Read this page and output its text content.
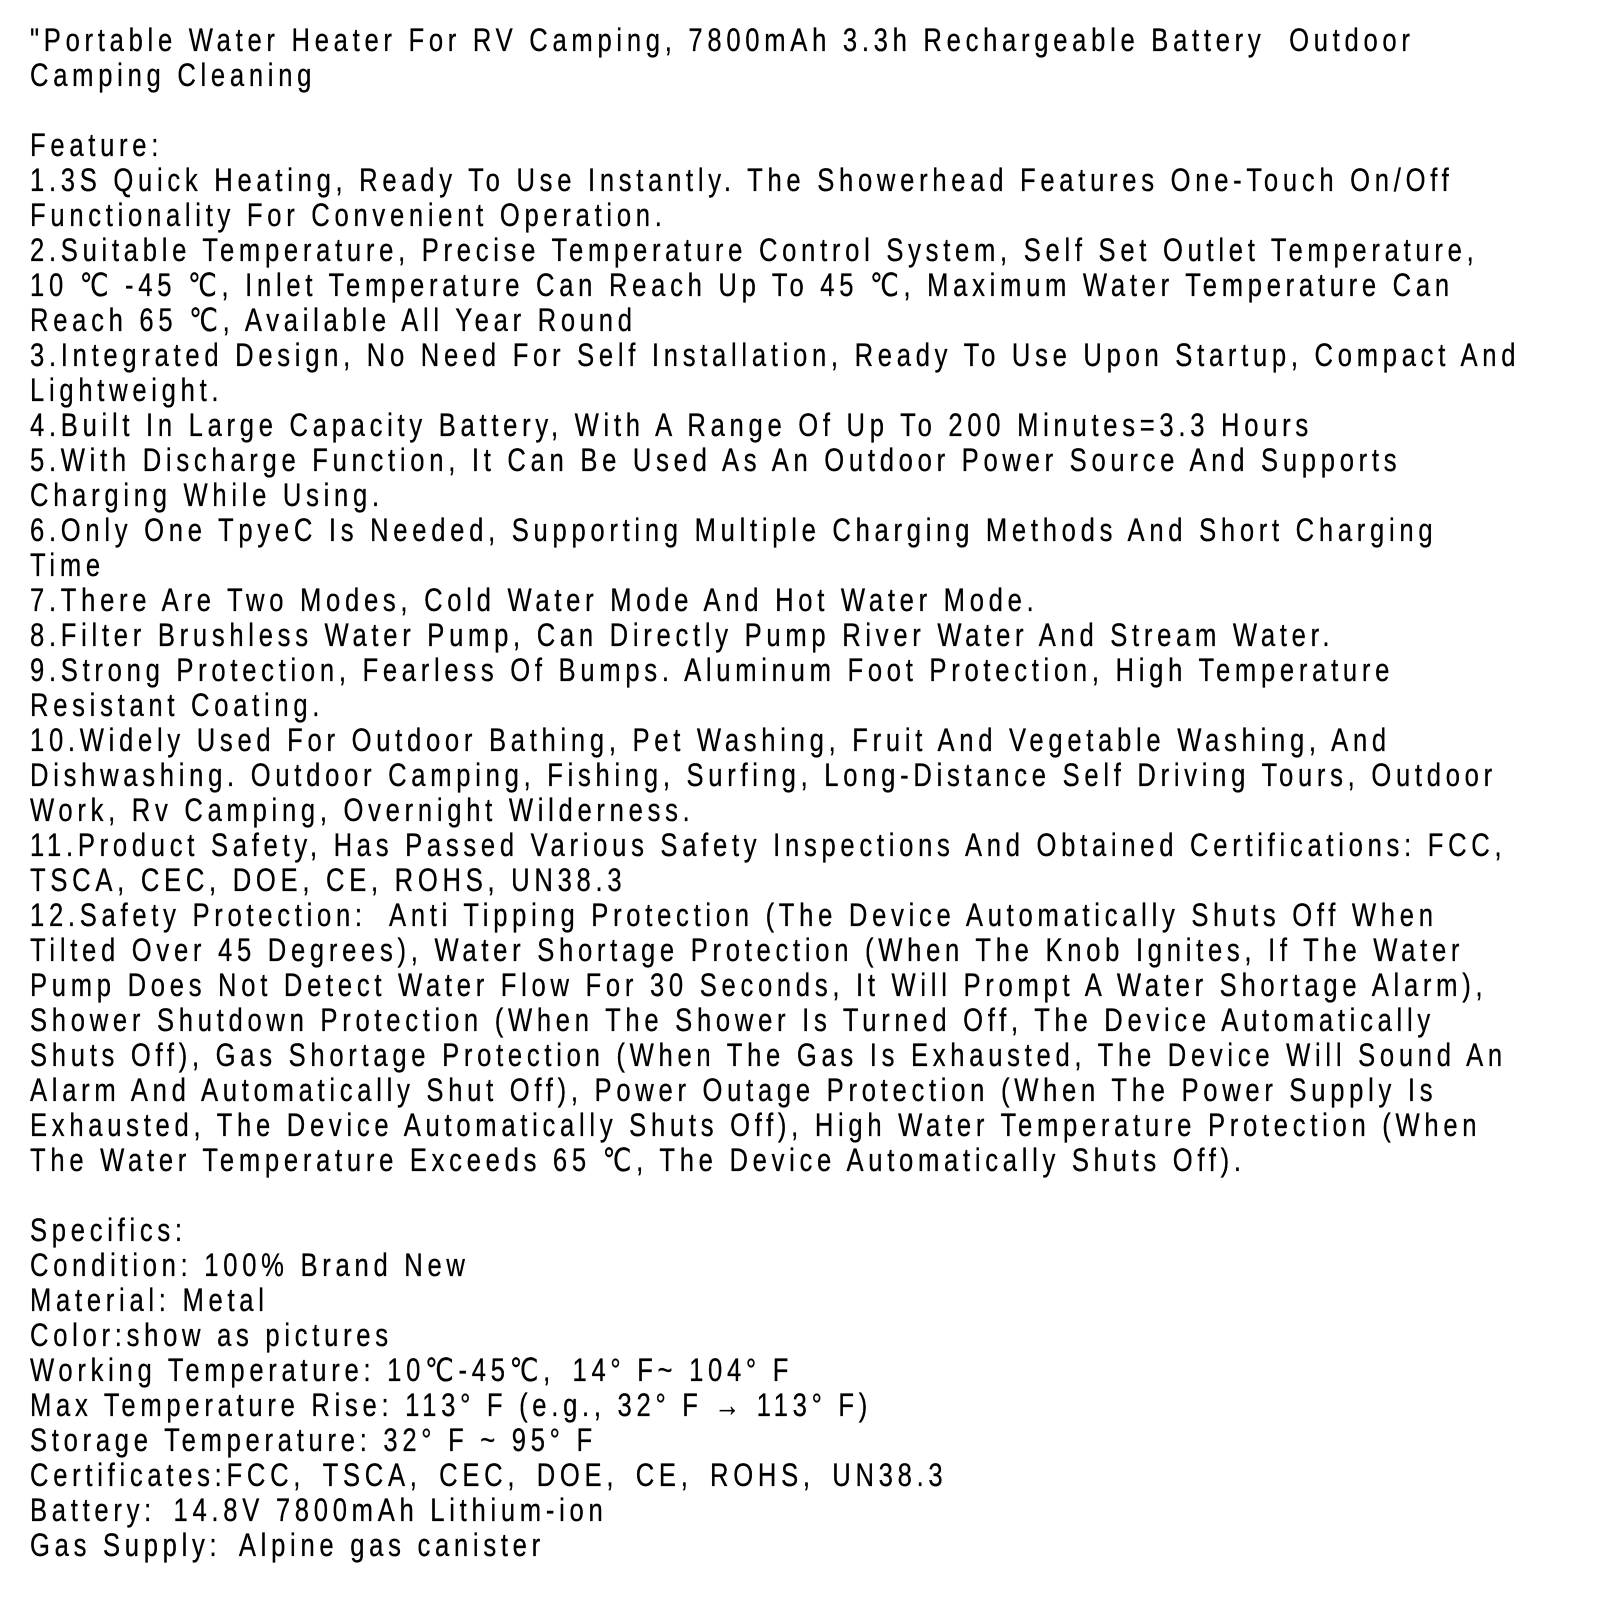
"Portable Water Heater For RV Camping, 7800mAh 3.3h Rechargeable Battery  Outdoor
Camping Cleaning

Feature:
1.3S Quick Heating, Ready To Use Instantly. The Showerhead Features One-Touch On/Off
Functionality For Convenient Operation.
2.Suitable Temperature, Precise Temperature Control System, Self Set Outlet Temperature,
10 ℃ -45 ℃, Inlet Temperature Can Reach Up To 45 ℃, Maximum Water Temperature Can
Reach 65 ℃, Available All Year Round
3.Integrated Design, No Need For Self Installation, Ready To Use Upon Startup, Compact And
Lightweight.
4.Built In Large Capacity Battery, With A Range Of Up To 200 Minutes=3.3 Hours
5.With Discharge Function, It Can Be Used As An Outdoor Power Source And Supports
Charging While Using.
6.Only One TpyeC Is Needed, Supporting Multiple Charging Methods And Short Charging
Time
7.There Are Two Modes, Cold Water Mode And Hot Water Mode.
8.Filter Brushless Water Pump, Can Directly Pump River Water And Stream Water.
9.Strong Protection, Fearless Of Bumps. Aluminum Foot Protection, High Temperature
Resistant Coating.
10.Widely Used For Outdoor Bathing, Pet Washing, Fruit And Vegetable Washing, And
Dishwashing. Outdoor Camping, Fishing, Surfing, Long-Distance Self Driving Tours, Outdoor
Work, Rv Camping, Overnight Wilderness.
11.Product Safety, Has Passed Various Safety Inspections And Obtained Certifications: FCC,
TSCA, CEC, DOE, CE, ROHS, UN38.3
12.Safety Protection:  Anti Tipping Protection (The Device Automatically Shuts Off When
Tilted Over 45 Degrees), Water Shortage Protection (When The Knob Ignites, If The Water
Pump Does Not Detect Water Flow For 30 Seconds, It Will Prompt A Water Shortage Alarm),
Shower Shutdown Protection (When The Shower Is Turned Off, The Device Automatically
Shuts Off), Gas Shortage Protection (When The Gas Is Exhausted, The Device Will Sound An
Alarm And Automatically Shut Off), Power Outage Protection (When The Power Supply Is
Exhausted, The Device Automatically Shuts Off), High Water Temperature Protection (When
The Water Temperature Exceeds 65 ℃, The Device Automatically Shuts Off).

Specifics:
Condition: 100% Brand New
Material: Metal
Color:show as pictures
Working Temperature: 10℃-45℃, 14° F~ 104° F
Max Temperature Rise: 113° F (e.g., 32° F → 113° F)
Storage Temperature: 32° F ~ 95° F
Certificates:FCC, TSCA, CEC, DOE, CE, ROHS, UN38.3
Battery: 14.8V 7800mAh Lithium-ion
Gas Supply: Alpine gas canister
